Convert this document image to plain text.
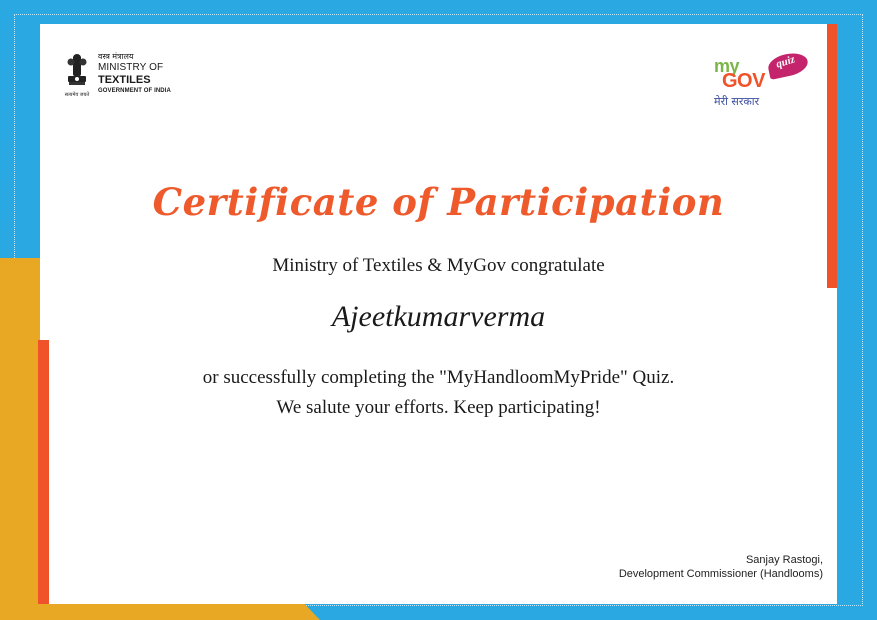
सत्यमेव जयते
वस्त्र मंत्रालय
MINISTRY OF
TEXTILES
GOVERNMENT OF INDIA
quiz
my
GOV
मेरी सरकार
Certificate of Participation
Ministry of Textiles & MyGov congratulate
Ajeetkumarverma
or successfully completing the "MyHandloomMyPride" Quiz.
We salute your efforts. Keep participating!
Sanjay Rastogi,
Development Commissioner (Handlooms)
